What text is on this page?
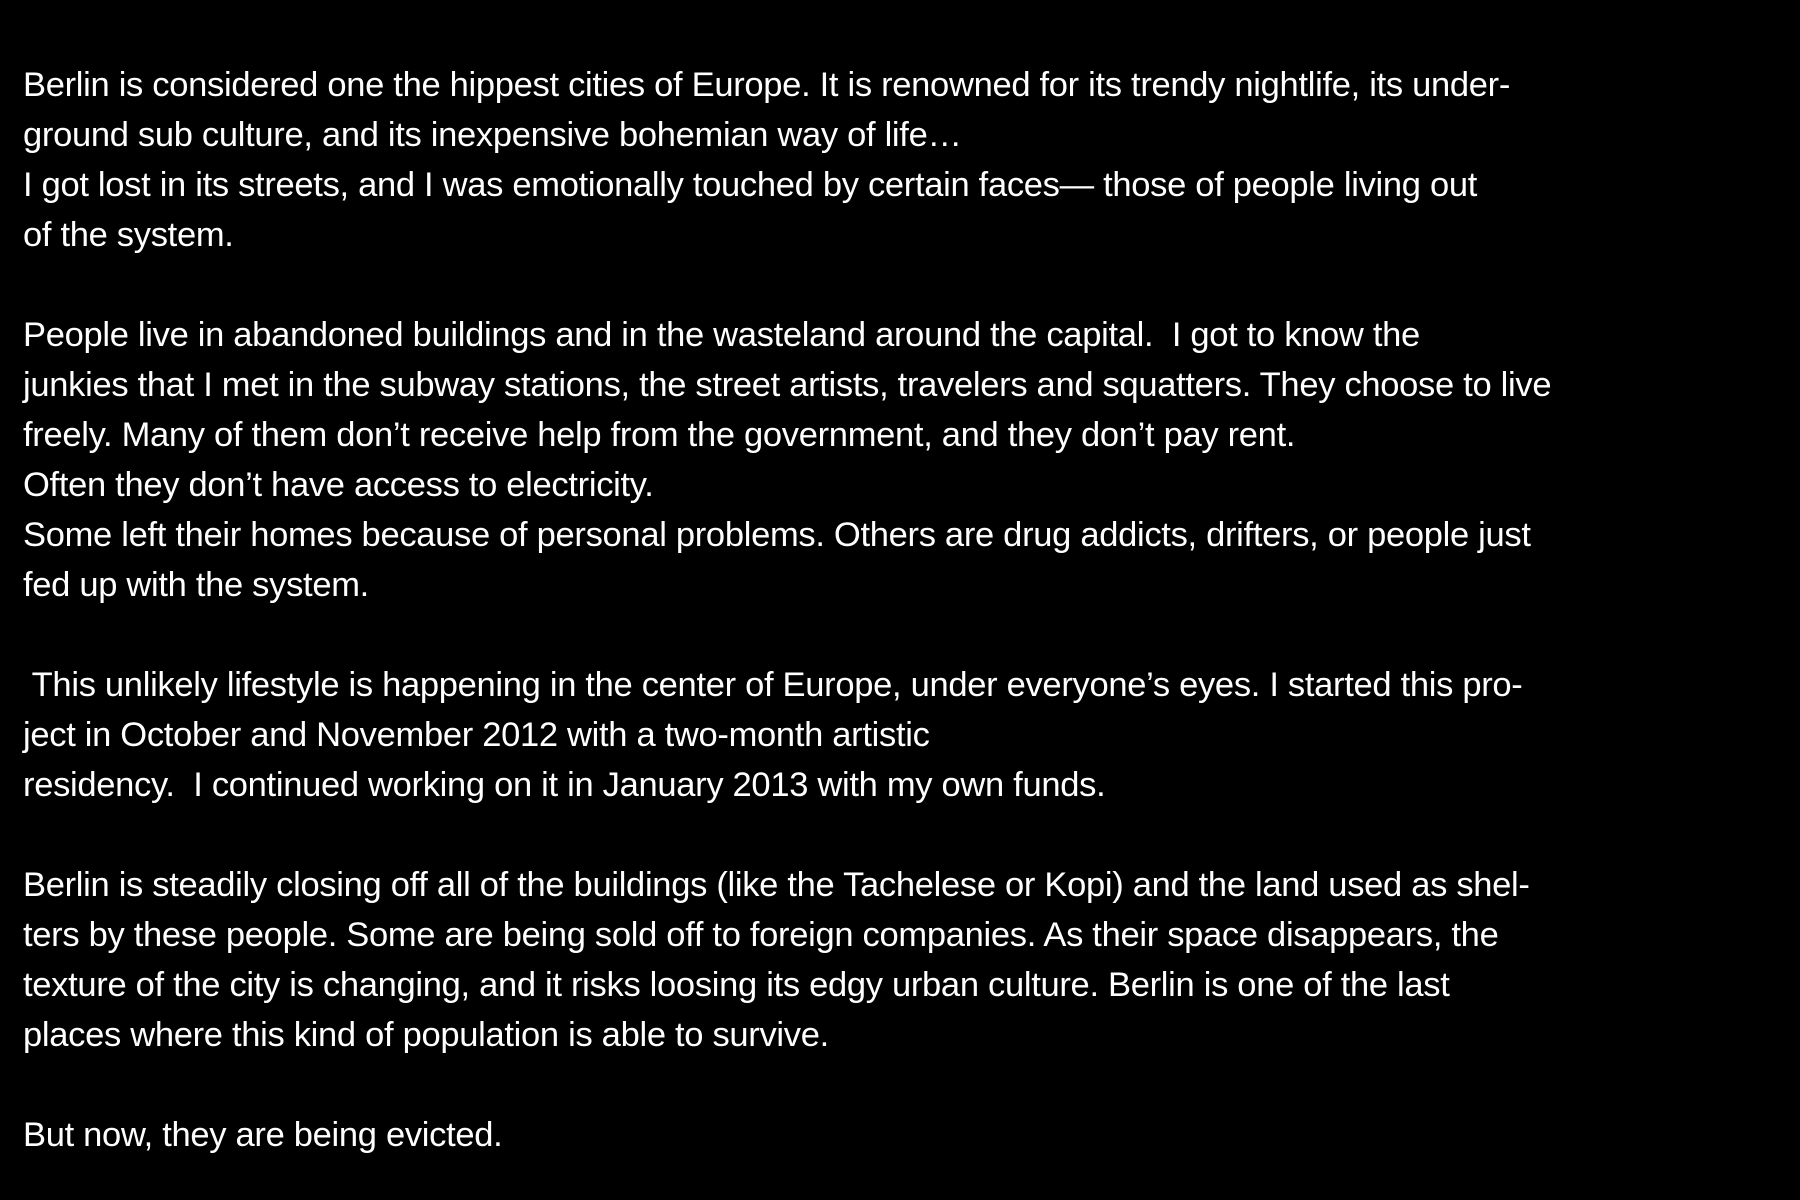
Berlin is considered one the hippest cities of Europe. It is renowned for its trendy nightlife, its under-
ground sub culture, and its inexpensive bohemian way of life…
I got lost in its streets, and I was emotionally touched by certain faces— those of people living out
of the system.

People live in abandoned buildings and in the wasteland around the capital.  I got to know the
junkies that I met in the subway stations, the street artists, travelers and squatters. They choose to live
freely. Many of them don’t receive help from the government, and they don’t pay rent.
Often they don’t have access to electricity.
Some left their homes because of personal problems. Others are drug addicts, drifters, or people just
fed up with the system.

This unlikely lifestyle is happening in the center of Europe, under everyone’s eyes. I started this pro-
ject in October and November 2012 with a two-month artistic
residency.  I continued working on it in January 2013 with my own funds.

Berlin is steadily closing off all of the buildings (like the Tachelese or Kopi) and the land used as shel-
ters by these people. Some are being sold off to foreign companies. As their space disappears, the
texture of the city is changing, and it risks loosing its edgy urban culture. Berlin is one of the last
places where this kind of population is able to survive.

But now, they are being evicted.
